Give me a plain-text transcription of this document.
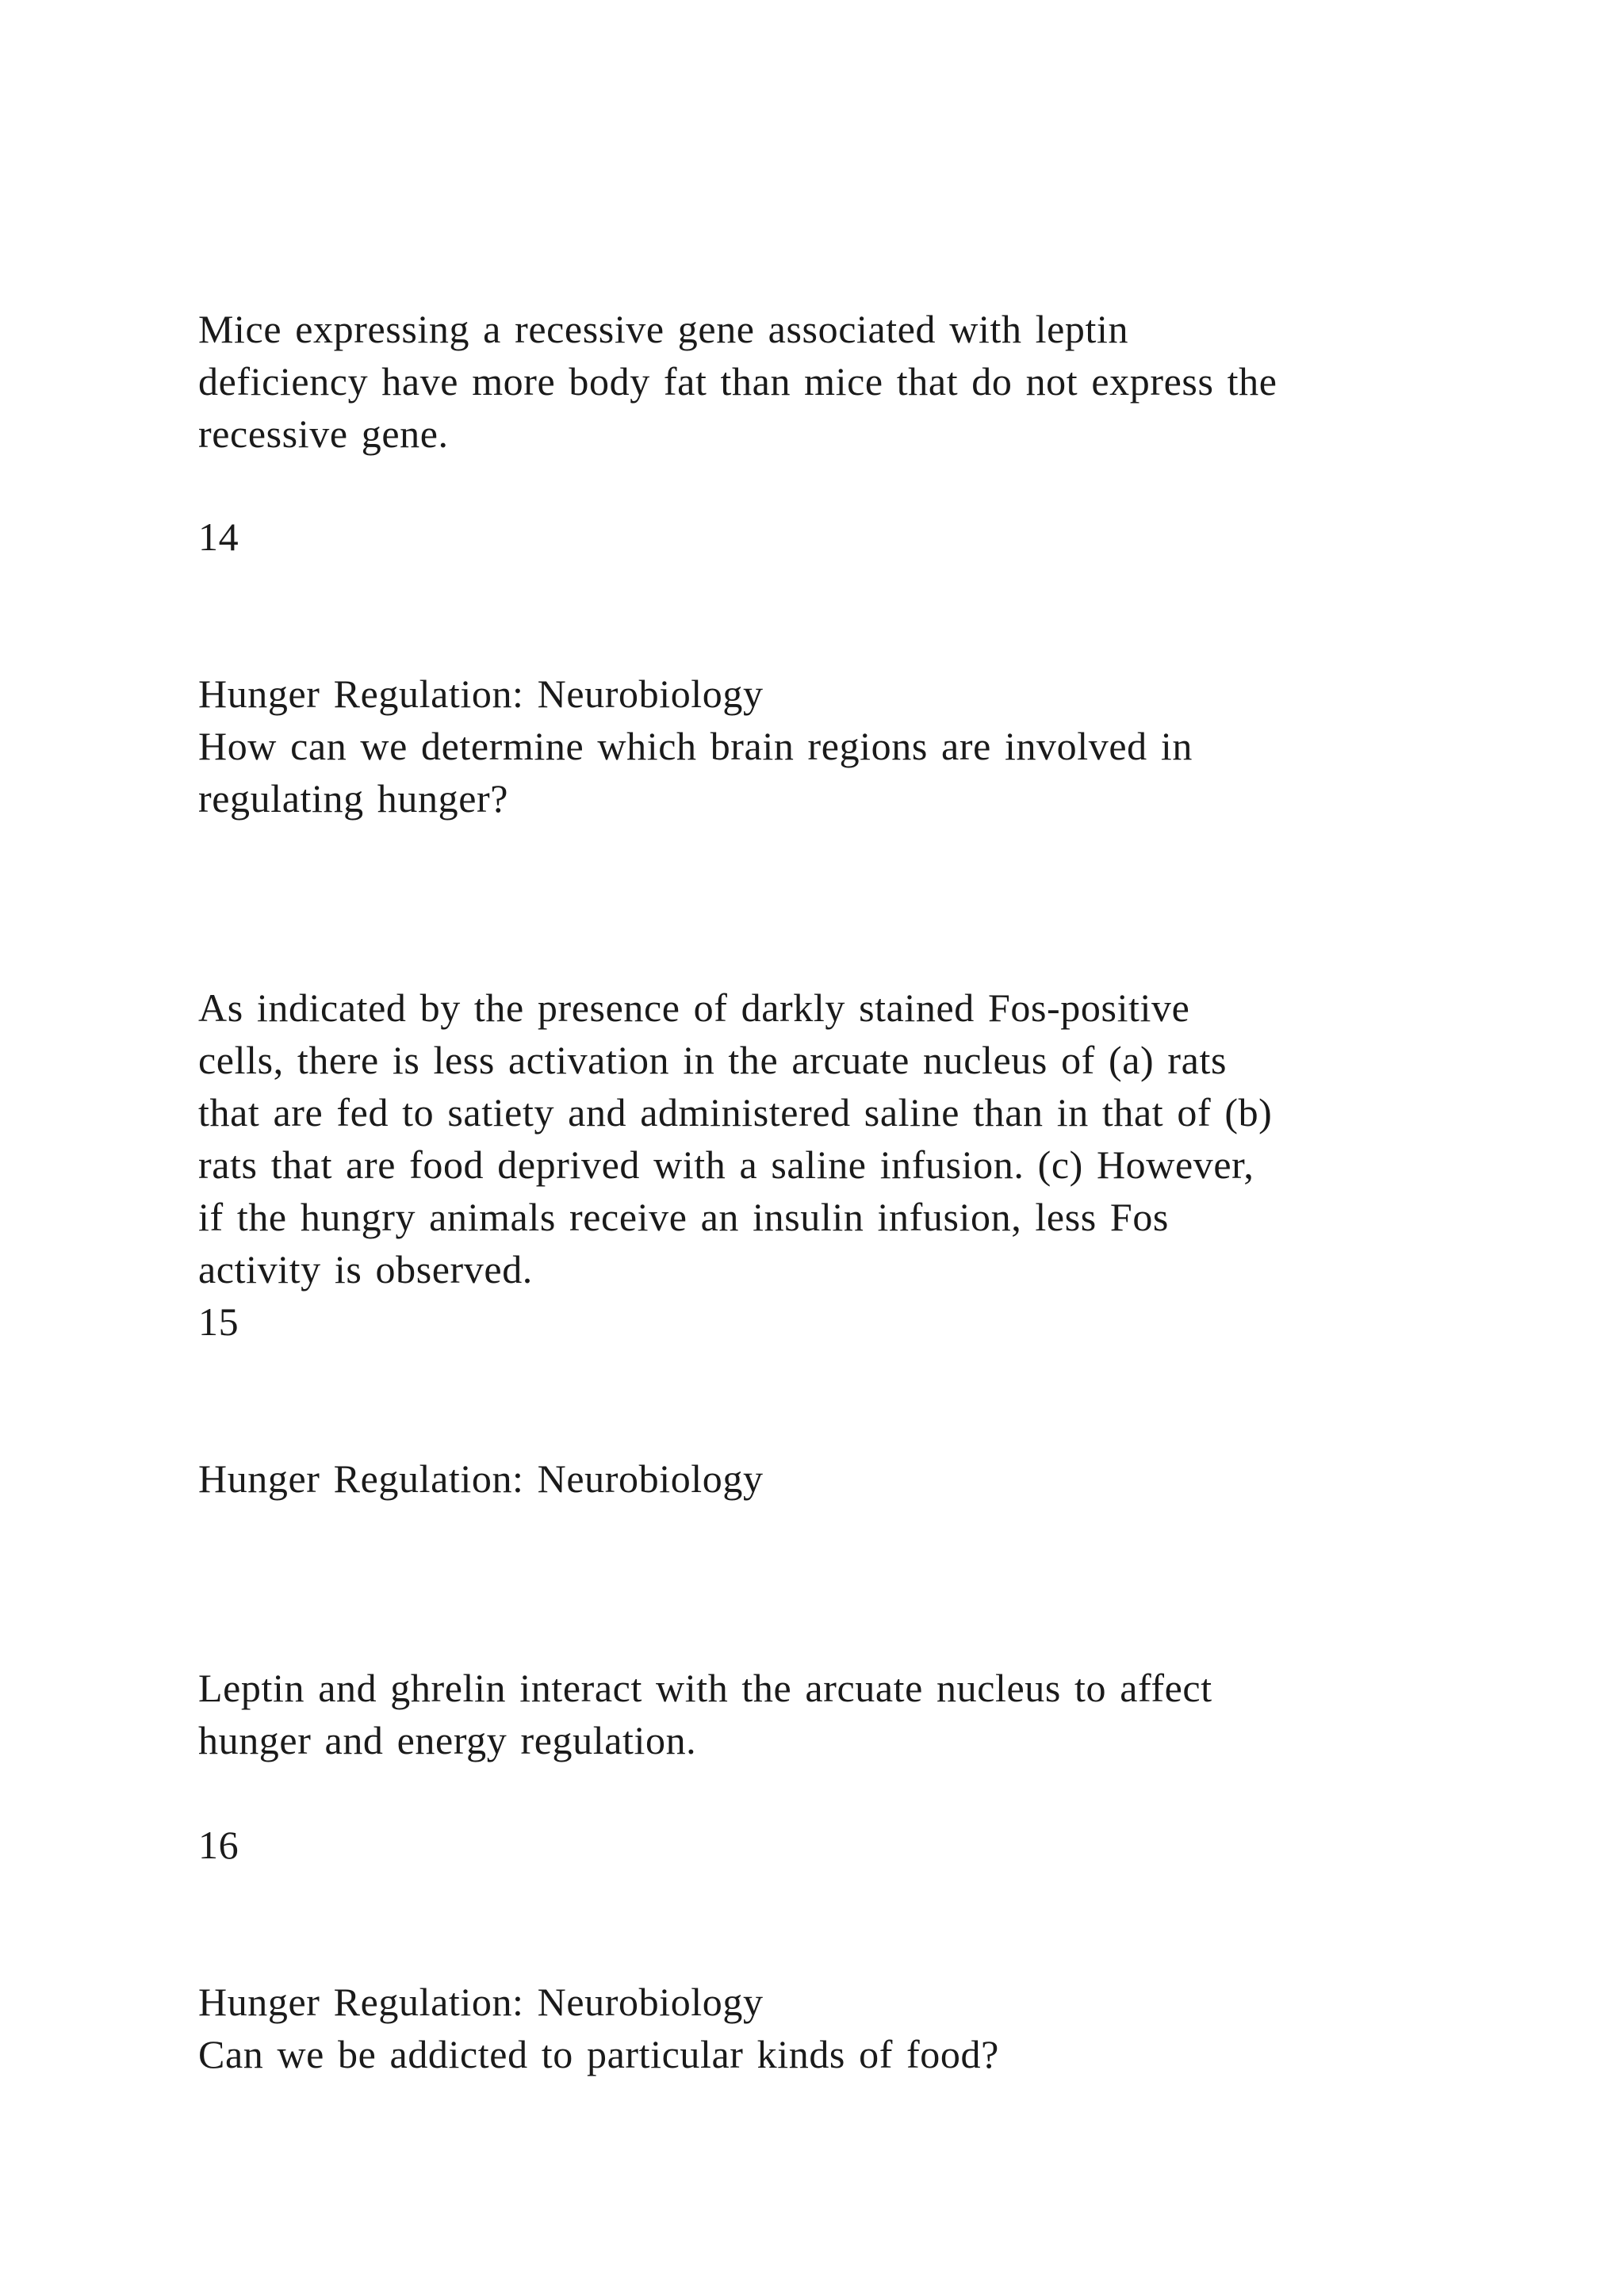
Mice expressing a recessive gene associated with leptin
deficiency have more body fat than mice that do not express the
recessive gene.
14
Hunger Regulation: Neurobiology
How can we determine which brain regions are involved in
regulating hunger?
As indicated by the presence of darkly stained Fos-positive
cells, there is less activation in the arcuate nucleus of (a) rats
that are fed to satiety and administered saline than in that of (b)
rats that are food deprived with a saline infusion. (c) However,
if the hungry animals receive an insulin infusion, less Fos
activity is observed.
15
Hunger Regulation: Neurobiology
Leptin and ghrelin interact with the arcuate nucleus to affect
hunger and energy regulation.
16
Hunger Regulation: Neurobiology
Can we be addicted to particular kinds of food?
